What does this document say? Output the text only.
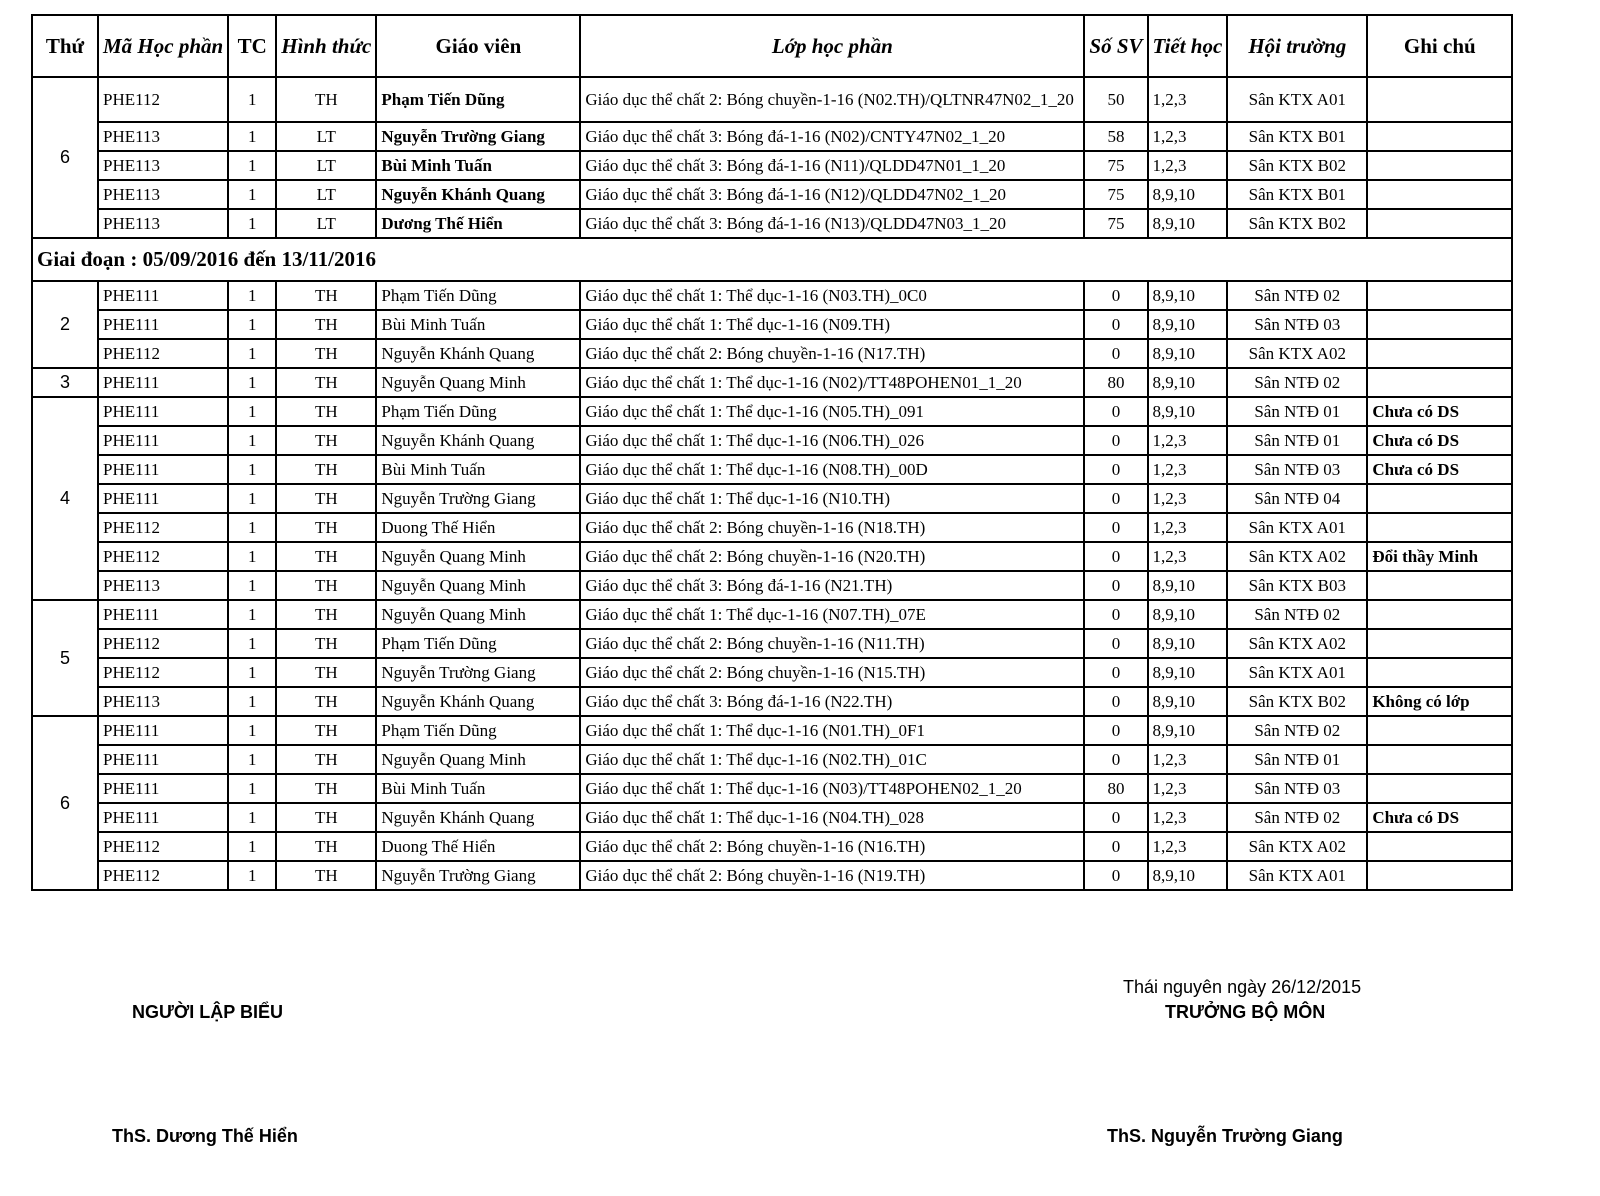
Thứ	Mã Học phần	TC	Hình thức	Giáo viên	Lớp học phần	Số SV	Tiết học	Hội trường	Ghi chú
6	PHE112	1	TH	Phạm Tiến Dũng	Giáo dục thể chất 2: Bóng chuyền-1-16 (N02.TH)/QLTNR47N02_1_20	50	1,2,3	Sân KTX A01	
	PHE113	1	LT	Nguyễn Trường Giang	Giáo dục thể chất 3: Bóng đá-1-16 (N02)/CNTY47N02_1_20	58	1,2,3	Sân KTX B01	
	PHE113	1	LT	Bùi Minh Tuấn	Giáo dục thể chất 3: Bóng đá-1-16 (N11)/QLDD47N01_1_20	75	1,2,3	Sân KTX B02	
	PHE113	1	LT	Nguyễn Khánh Quang	Giáo dục thể chất 3: Bóng đá-1-16 (N12)/QLDD47N02_1_20	75	8,9,10	Sân KTX B01	
	PHE113	1	LT	Dương Thế Hiển	Giáo dục thể chất 3: Bóng đá-1-16 (N13)/QLDD47N03_1_20	75	8,9,10	Sân KTX B02	
Giai đoạn : 05/09/2016 đến 13/11/2016									
2	PHE111	1	TH	Phạm Tiến Dũng	Giáo dục thể chất 1: Thể dục-1-16 (N03.TH)_0C0	0	8,9,10	Sân NTĐ 02	
	PHE111	1	TH	Bùi Minh Tuấn	Giáo dục thể chất 1: Thể dục-1-16 (N09.TH)	0	8,9,10	Sân NTĐ 03	
	PHE112	1	TH	Nguyễn Khánh Quang	Giáo dục thể chất 2: Bóng chuyền-1-16 (N17.TH)	0	8,9,10	Sân KTX A02	
3	PHE111	1	TH	Nguyễn Quang Minh	Giáo dục thể chất 1: Thể dục-1-16 (N02)/TT48POHEN01_1_20	80	8,9,10	Sân NTĐ 02	
4	PHE111	1	TH	Phạm Tiến Dũng	Giáo dục thể chất 1: Thể dục-1-16 (N05.TH)_091	0	8,9,10	Sân NTĐ 01	Chưa có DS
	PHE111	1	TH	Nguyễn Khánh Quang	Giáo dục thể chất 1: Thể dục-1-16 (N06.TH)_026	0	1,2,3	Sân NTĐ 01	Chưa có DS
	PHE111	1	TH	Bùi Minh Tuấn	Giáo dục thể chất 1: Thể dục-1-16 (N08.TH)_00D	0	1,2,3	Sân NTĐ 03	Chưa có DS
	PHE111	1	TH	Nguyễn Trường Giang	Giáo dục thể chất 1: Thể dục-1-16 (N10.TH)	0	1,2,3	Sân NTĐ 04	
	PHE112	1	TH	Duong Thế Hiển	Giáo dục thể chất 2: Bóng chuyền-1-16 (N18.TH)	0	1,2,3	Sân KTX A01	
	PHE112	1	TH	Nguyễn Quang Minh	Giáo dục thể chất 2: Bóng chuyền-1-16 (N20.TH)	0	1,2,3	Sân KTX A02	Đổi thầy Minh
	PHE113	1	TH	Nguyễn Quang Minh	Giáo dục thể chất 3: Bóng đá-1-16 (N21.TH)	0	8,9,10	Sân KTX B03	
5	PHE111	1	TH	Nguyễn Quang Minh	Giáo dục thể chất 1: Thể dục-1-16 (N07.TH)_07E	0	8,9,10	Sân NTĐ 02	
	PHE112	1	TH	Phạm Tiến Dũng	Giáo dục thể chất 2: Bóng chuyền-1-16 (N11.TH)	0	8,9,10	Sân KTX A02	
	PHE112	1	TH	Nguyễn Trường Giang	Giáo dục thể chất 2: Bóng chuyền-1-16 (N15.TH)	0	8,9,10	Sân KTX A01	
	PHE113	1	TH	Nguyễn Khánh Quang	Giáo dục thể chất 3: Bóng đá-1-16 (N22.TH)	0	8,9,10	Sân KTX B02	Không có lớp
6	PHE111	1	TH	Phạm Tiến Dũng	Giáo dục thể chất 1: Thể dục-1-16 (N01.TH)_0F1	0	8,9,10	Sân NTĐ 02	
	PHE111	1	TH	Nguyễn Quang Minh	Giáo dục thể chất 1: Thể dục-1-16 (N02.TH)_01C	0	1,2,3	Sân NTĐ 01	
	PHE111	1	TH	Bùi Minh Tuấn	Giáo dục thể chất 1: Thể dục-1-16 (N03)/TT48POHEN02_1_20	80	1,2,3	Sân NTĐ 03	
	PHE111	1	TH	Nguyễn Khánh Quang	Giáo dục thể chất 1: Thể dục-1-16 (N04.TH)_028	0	1,2,3	Sân NTĐ 02	Chưa có DS
	PHE112	1	TH	Duong Thế Hiển	Giáo dục thể chất 2: Bóng chuyền-1-16 (N16.TH)	0	1,2,3	Sân KTX A02	
	PHE112	1	TH	Nguyễn Trường Giang	Giáo dục thể chất 2: Bóng chuyền-1-16 (N19.TH)	0	8,9,10	Sân KTX A01	
Thái nguyên ngày 26/12/2015
NGƯỜI LẬP BIỂU	TRƯỞNG BỘ MÔN
ThS. Dương Thế Hiển	ThS. Nguyễn Trường Giang
